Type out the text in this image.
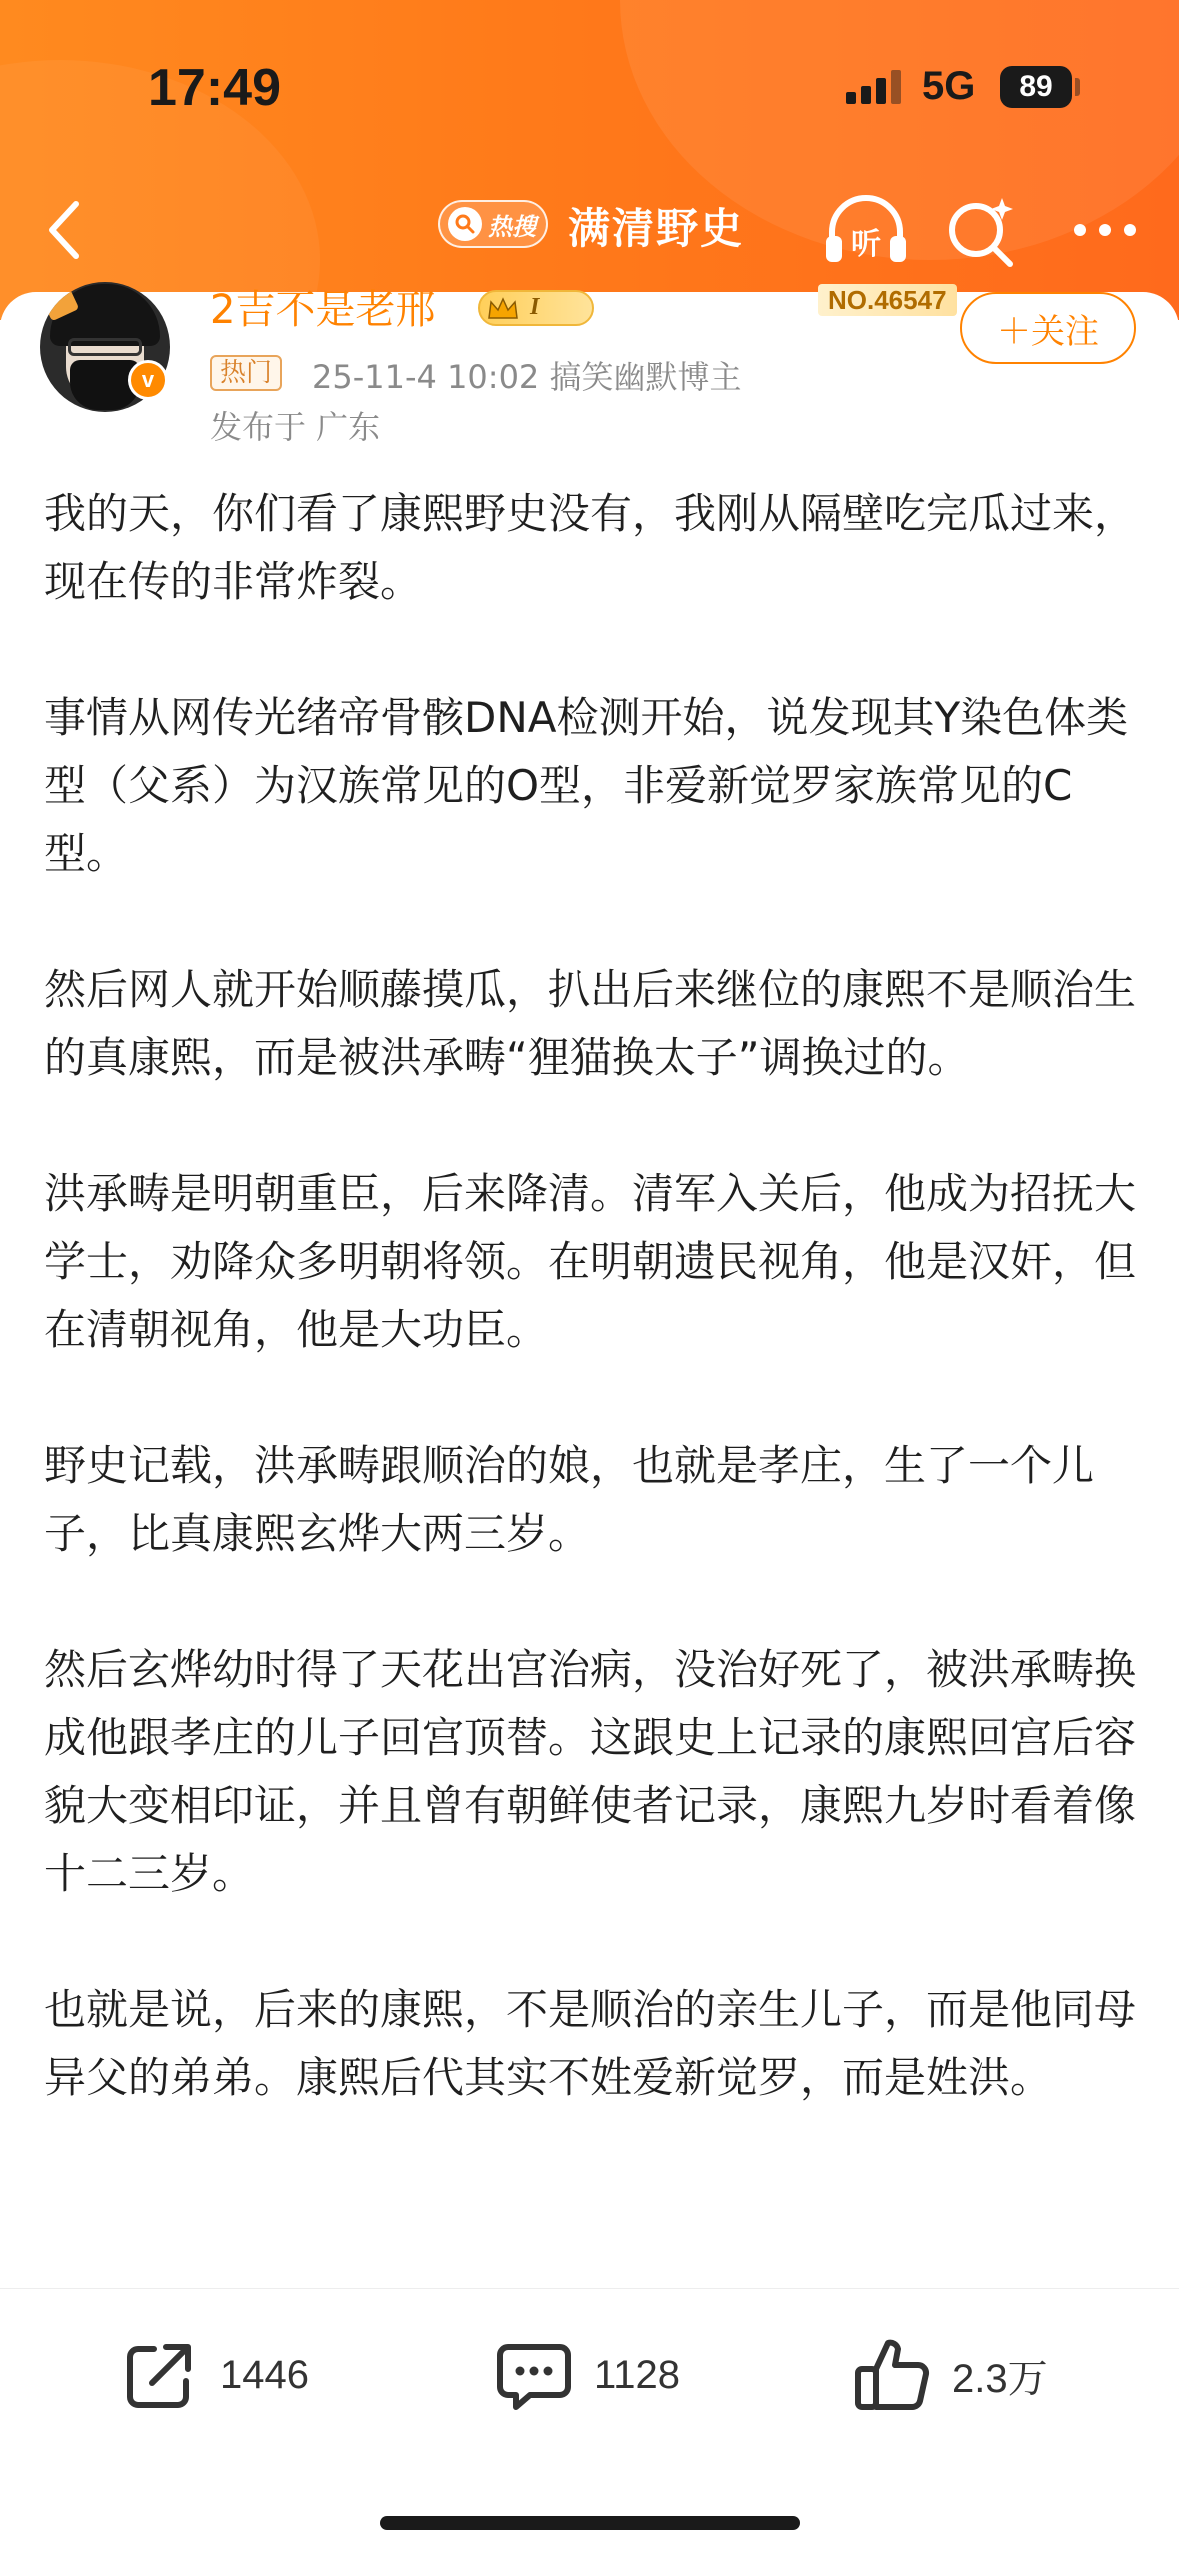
17:49	5G	89
热搜 满清野史	听
v
2吉不是老邢	I	NO.46547
＋关注
热门	25-11-4 10:02 搞笑幽默博主
发布于 广东

我的天，你们看了康熙野史没有，我刚从隔壁吃完瓜过来，现在传的非常炸裂。

事情从网传光绪帝骨骸DNA检测开始，说发现其Y染色体类型（父系）为汉族常见的O型，非爱新觉罗家族常见的C型。

然后网人就开始顺藤摸瓜，扒出后来继位的康熙不是顺治生的真康熙，而是被洪承畴“狸猫换太子”调换过的。

洪承畴是明朝重臣，后来降清。清军入关后，他成为招抚大学士，劝降众多明朝将领。在明朝遗民视角，他是汉奸，但在清朝视角，他是大功臣。

野史记载，洪承畴跟顺治的娘，也就是孝庄，生了一个儿子，比真康熙玄烨大两三岁。

然后玄烨幼时得了天花出宫治病，没治好死了，被洪承畴换成他跟孝庄的儿子回宫顶替。这跟史上记录的康熙回宫后容貌大变相印证，并且曾有朝鲜使者记录，康熙九岁时看着像十二三岁。

也就是说，后来的康熙，不是顺治的亲生儿子，而是他同母异父的弟弟。康熙后代其实不姓爱新觉罗，而是姓洪。

1446	1128	2.3万
